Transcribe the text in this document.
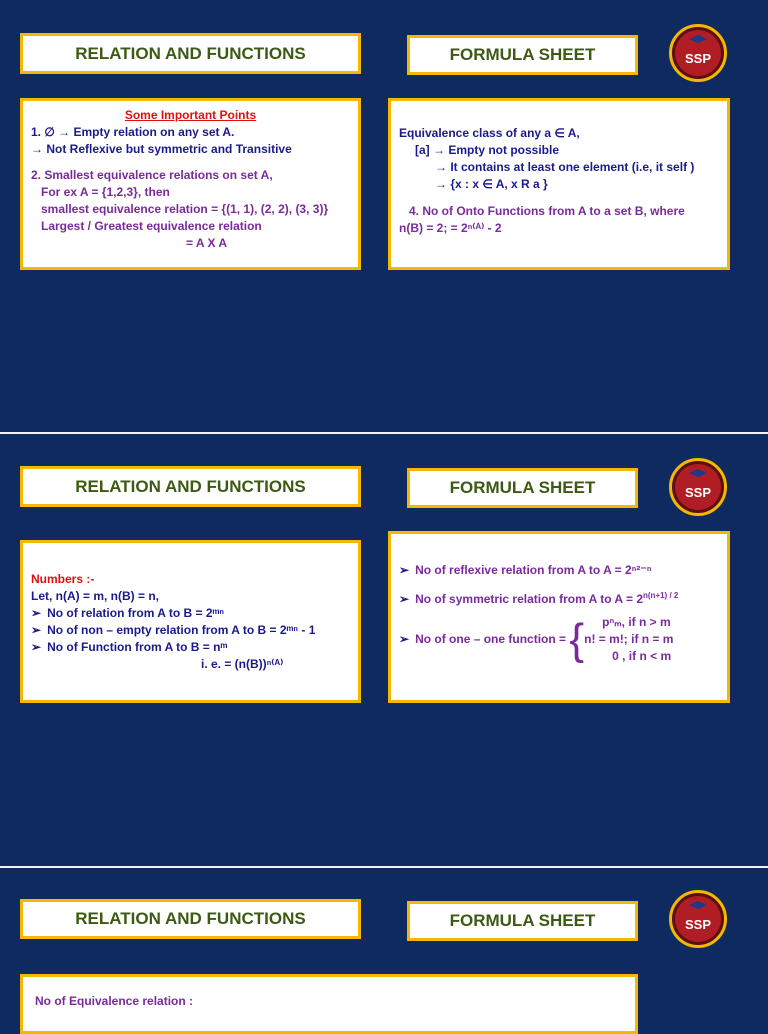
RELATION AND FUNCTIONS	FORMULA SHEET	SSP
Some Important Points
1. ∅ → Empty relation on any set A.
→ Not Reflexive but symmetric and Transitive
2. Smallest equivalence relations on set A,
For ex A = {1,2,3}, then
smallest equivalence relation = {(1, 1), (2, 2), (3, 3)}
Largest / Greatest equivalence relation
= A X A
Equivalence class of any a ∈ A,
[a] → Empty not possible
→ It contains at least one element (i.e, it self )
→ {x : x ∈ A, x R a }
4. No of Onto Functions from A to a set B, where
n(B) = 2; = 2ⁿ⁽ᴬ⁾ - 2
RELATION AND FUNCTIONS	FORMULA SHEET	SSP
Numbers :-
Let, n(A) = m, n(B) = n,
➢ No of relation from A to B = 2ᵐⁿ
➢ No of non – empty relation from A to B = 2ᵐⁿ - 1
➢ No of Function from A to B = nᵐ
i. e. = (n(B))ⁿ⁽ᴬ⁾
➢ No of reflexive relation from A to A = 2ⁿ²⁻ⁿ
➢ No of symmetric relation from A to $A = 2^{n(n+1) / 2}$
➢ No of one – one function = {	pⁿₘ, if n > m
n! = m!; if n = m
0 , if n < m
RELATION AND FUNCTIONS	FORMULA SHEET	SSP
No of Equivalence relation :
